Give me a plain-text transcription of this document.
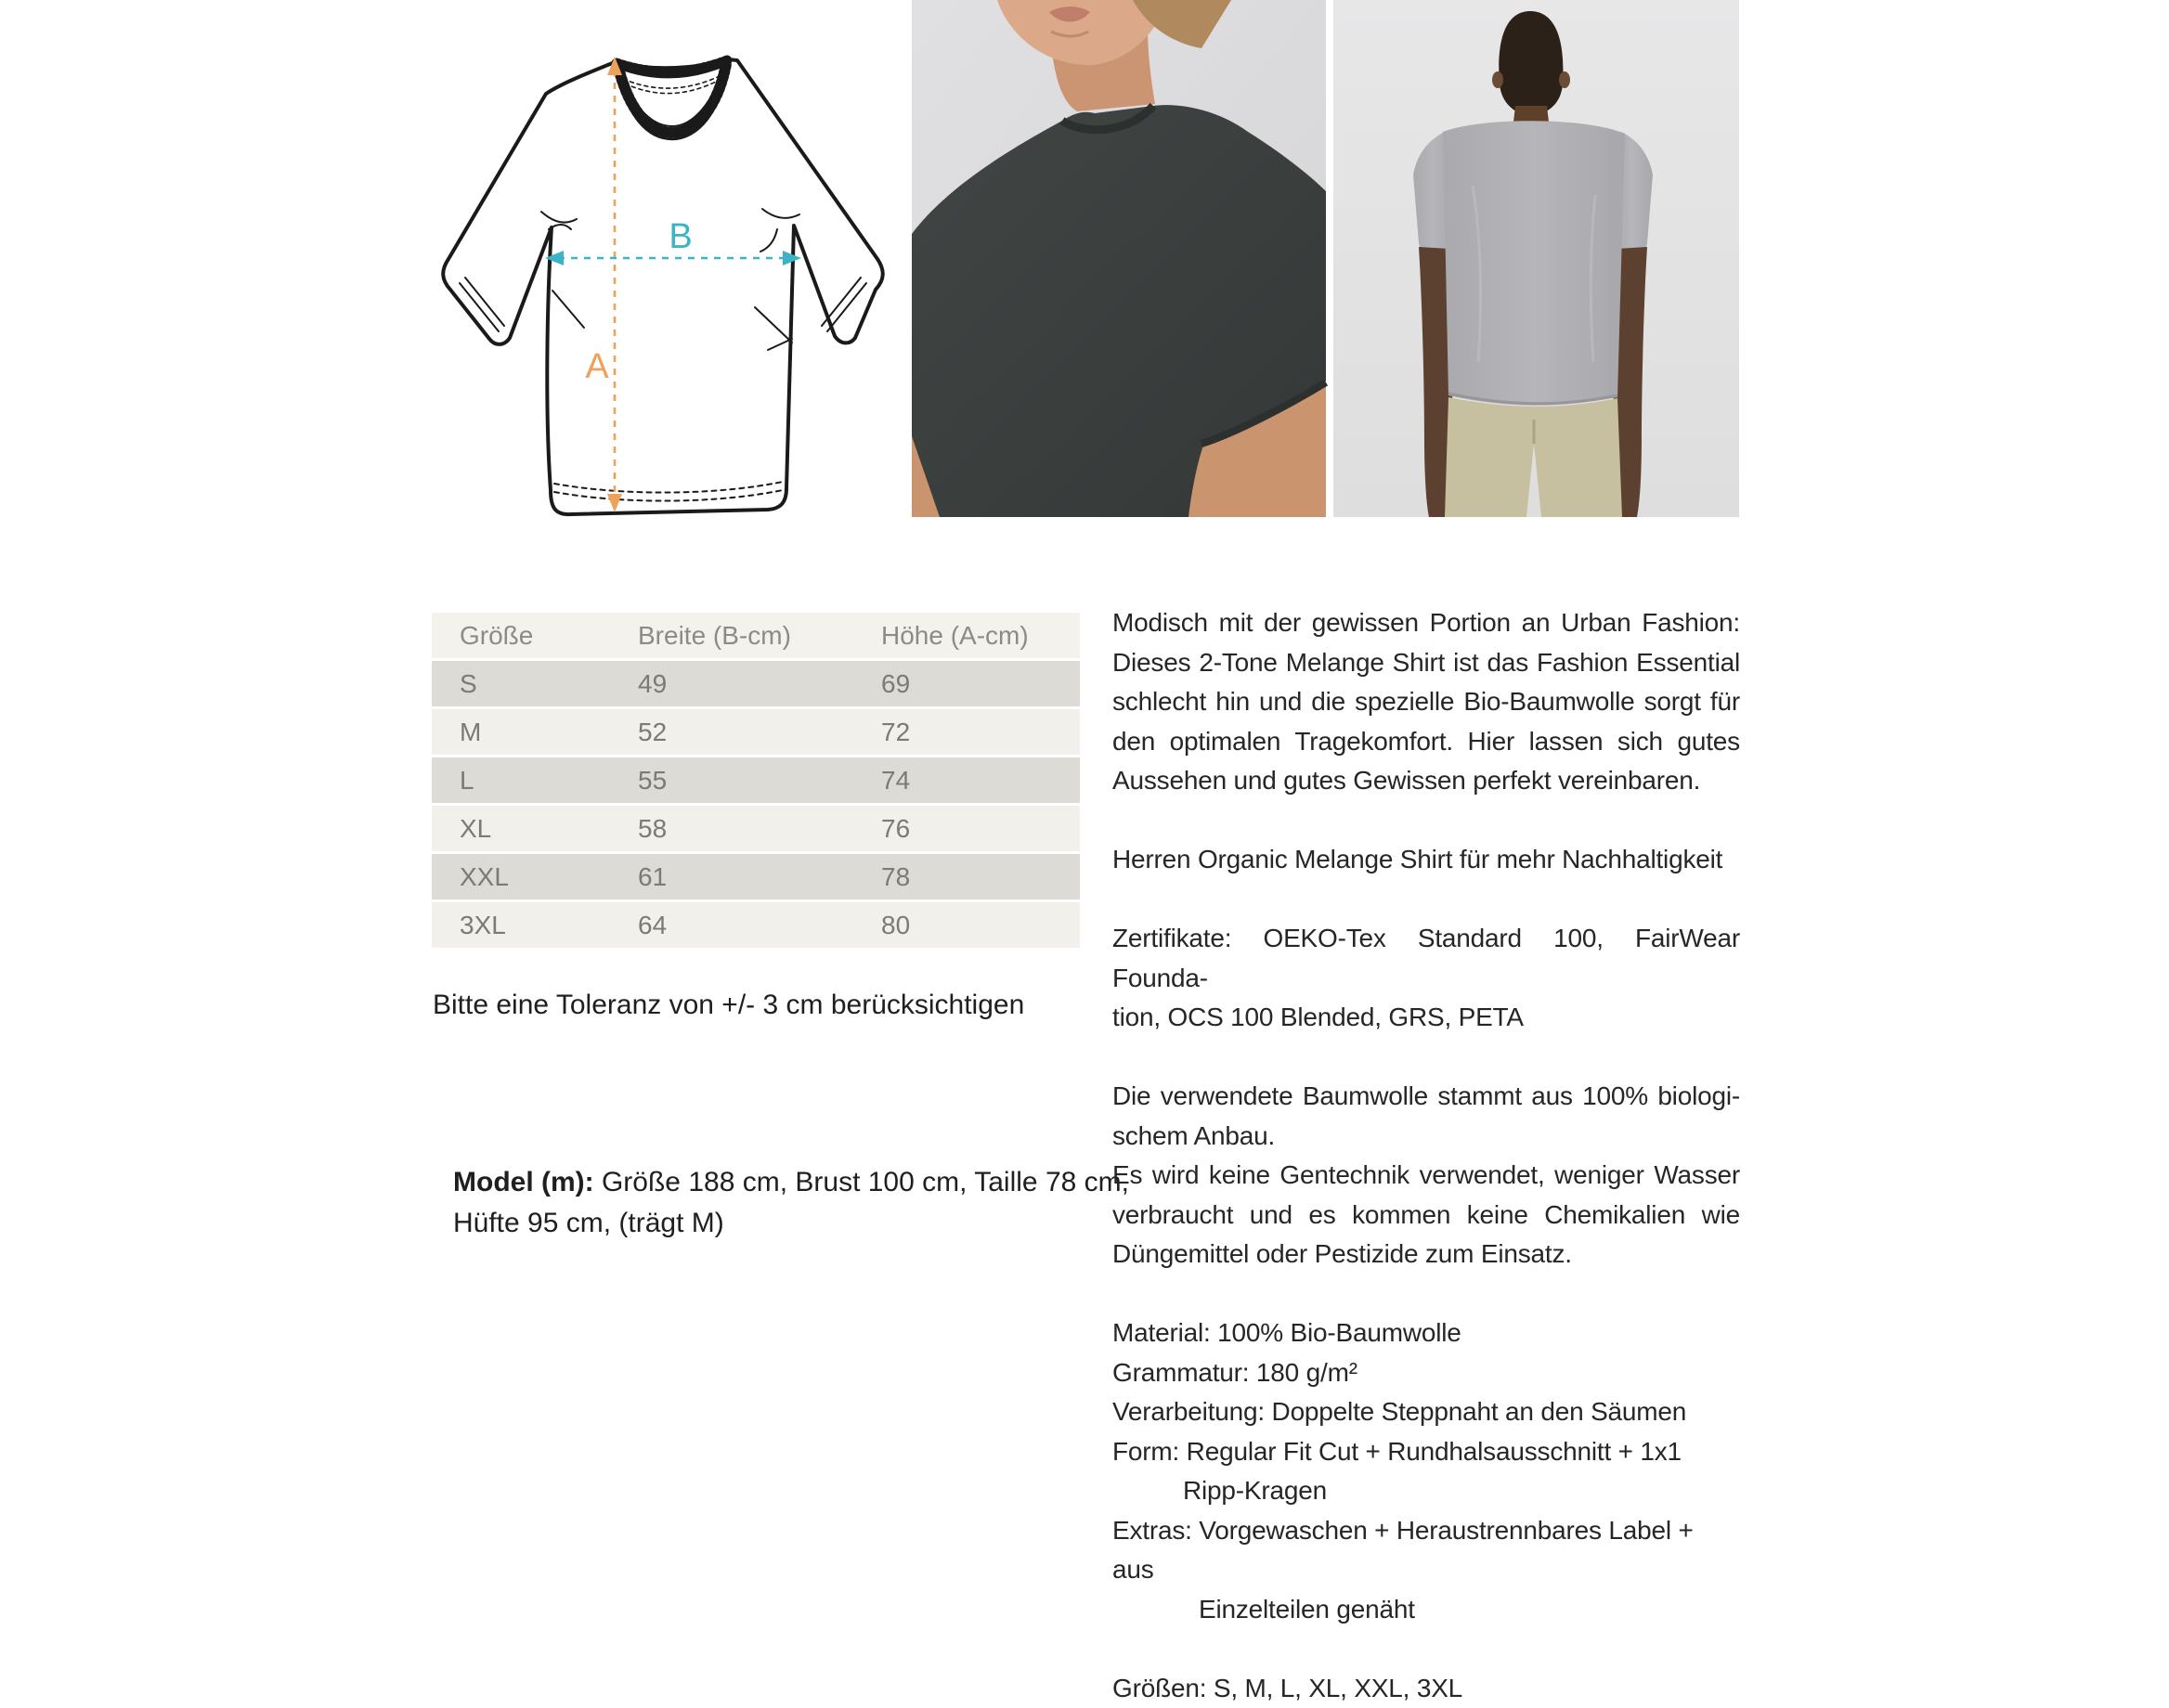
A
B
Größe	Breite (B-cm)	Höhe (A-cm)
S	49	69
M	52	72
L	55	74
XL	58	76
XXL	61	78
3XL	64	80
Bitte eine Toleranz von +/- 3 cm berücksichtigen

Model (m): Größe 188 cm, Brust 100 cm, Taille 78 cm, Hüfte 95 cm, (trägt M)

Modisch mit der gewissen Portion an Urban Fashion:
Dieses 2-Tone Melange Shirt ist das Fashion Essential
schlecht hin und die spezielle Bio-Baumwolle sorgt für
den optimalen Tragekomfort. Hier lassen sich gutes
Aussehen und gutes Gewissen perfekt vereinbaren.
Herren Organic Melange Shirt für mehr Nachhaltigkeit
Zertifikate: OEKO-Tex Standard 100, FairWear Founda-
tion, OCS 100 Blended, GRS, PETA
Die verwendete Baumwolle stammt aus 100% biologi-
schem Anbau.
Es wird keine Gentechnik verwendet, weniger Wasser
verbraucht und es kommen keine Chemikalien wie
Düngemittel oder Pestizide zum Einsatz.
Material: 100% Bio-Baumwolle
Grammatur: 180 g/m²
Verarbeitung: Doppelte Steppnaht an den Säumen
Form: Regular Fit Cut + Rundhalsausschnitt + 1x1
Ripp-Kragen
Extras: Vorgewaschen + Heraustrennbares Label + aus
Einzelteilen genäht
Größen: S, M, L, XL, XXL, 3XL
